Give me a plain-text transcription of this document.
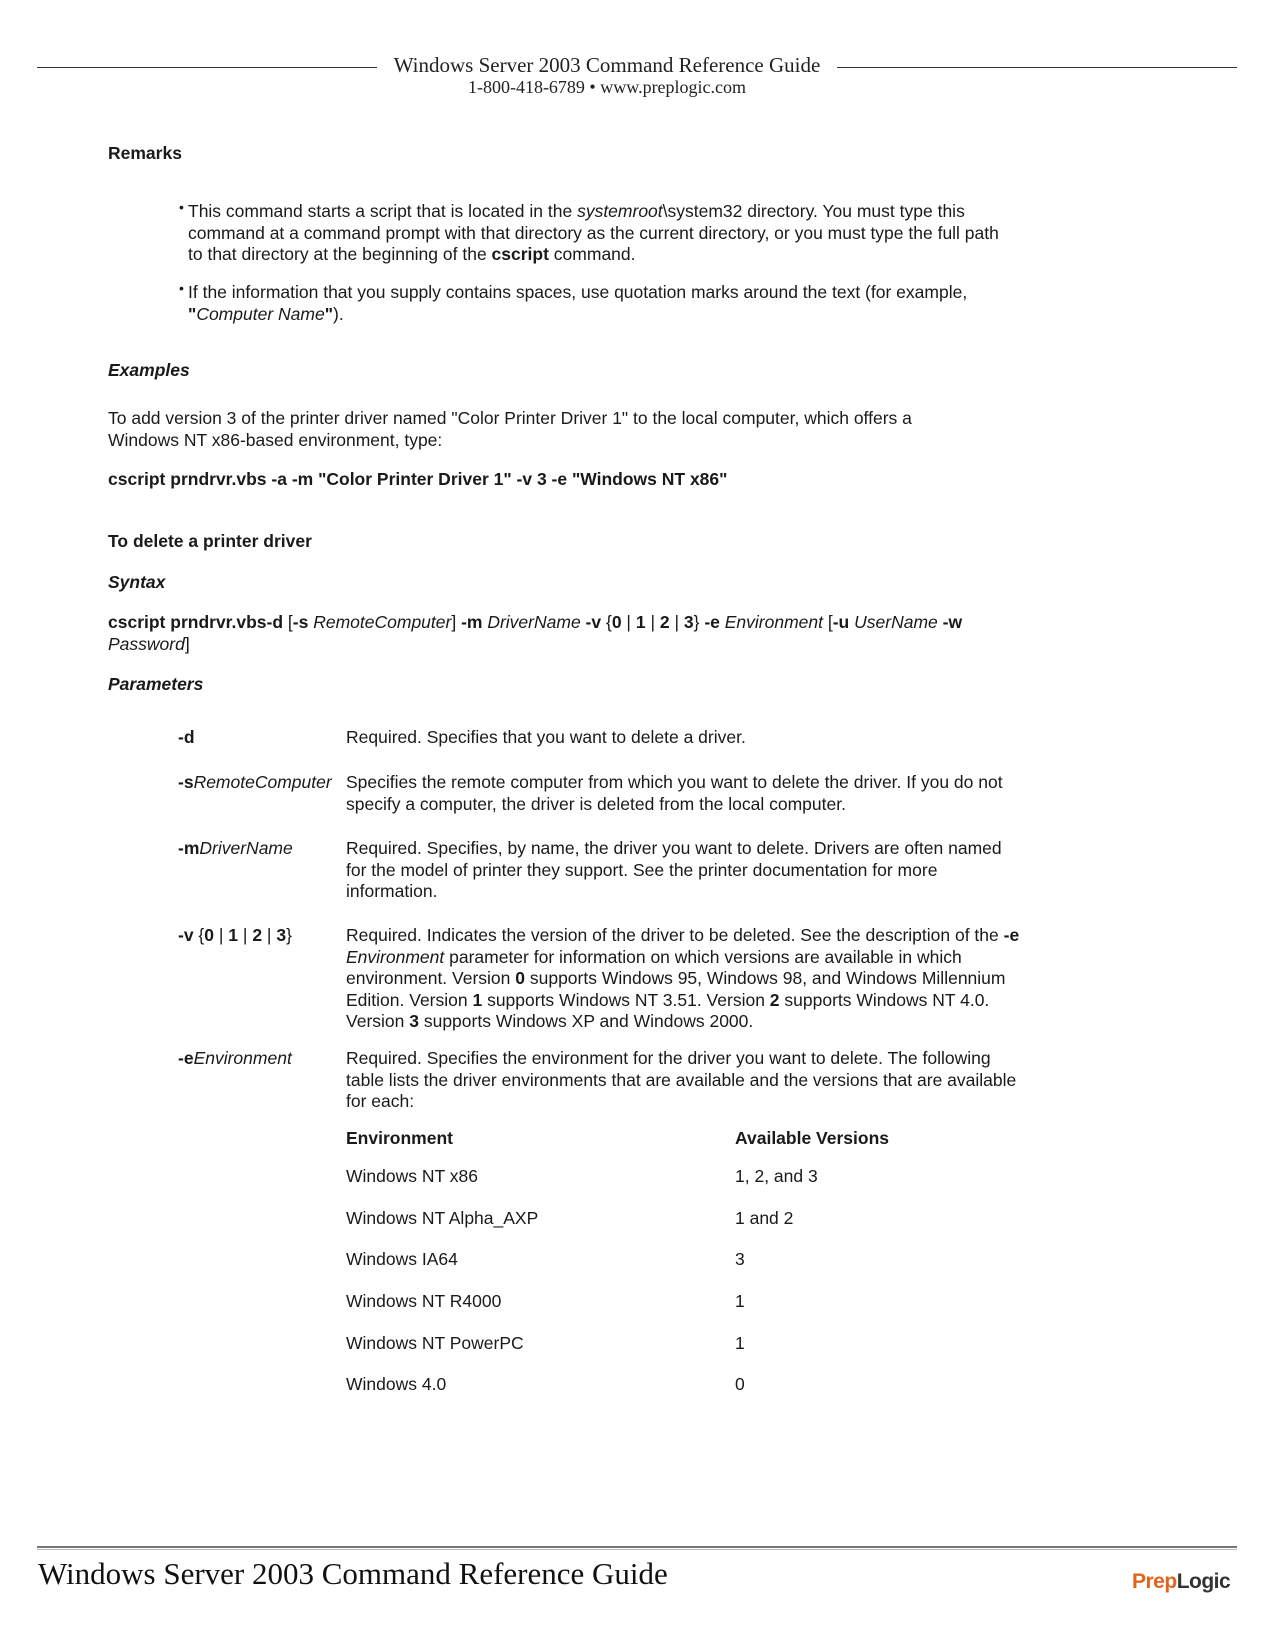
Windows Server 2003 Command Reference Guide
1-800-418-6789 • www.preplogic.com
Remarks
• This command starts a script that is located in the systemroot\system32 directory. You must type this
command at a command prompt with that directory as the current directory, or you must type the full path
to that directory at the beginning of the cscript command.
• If the information that you supply contains spaces, use quotation marks around the text (for example,
"Computer Name").
Examples
To add version 3 of the printer driver named "Color Printer Driver 1" to the local computer, which offers a
Windows NT x86-based environment, type:
cscript prndrvr.vbs -a -m "Color Printer Driver 1" -v 3 -e "Windows NT x86"
To delete a printer driver
Syntax
cscript prndrvr.vbs-d [-s RemoteComputer] -m DriverName -v {0 | 1 | 2 | 3} -e Environment [-u UserName -w
Password]
Parameters
-d	Required. Specifies that you want to delete a driver.
-sRemoteComputer Specifies the remote computer from which you want to delete the driver. If you do not
specify a computer, the driver is deleted from the local computer.
-mDriverName	Required. Specifies, by name, the driver you want to delete. Drivers are often named
for the model of printer they support. See the printer documentation for more
information.
-v {0 | 1 | 2 | 3}	Required. Indicates the version of the driver to be deleted. See the description of the -e
Environment parameter for information on which versions are available in which
environment. Version 0 supports Windows 95, Windows 98, and Windows Millennium
Edition. Version 1 supports Windows NT 3.51. Version 2 supports Windows NT 4.0.
Version 3 supports Windows XP and Windows 2000.
-eEnvironment	Required. Specifies the environment for the driver you want to delete. The following
table lists the driver environments that are available and the versions that are available
for each:
Environment	Available Versions
Windows NT x86	1, 2, and 3
Windows NT Alpha_AXP	1 and 2
Windows IA64	3
Windows NT R4000	1
Windows NT PowerPC	1
Windows 4.0	0
Windows Server 2003 Command Reference Guide	PrepLogic
